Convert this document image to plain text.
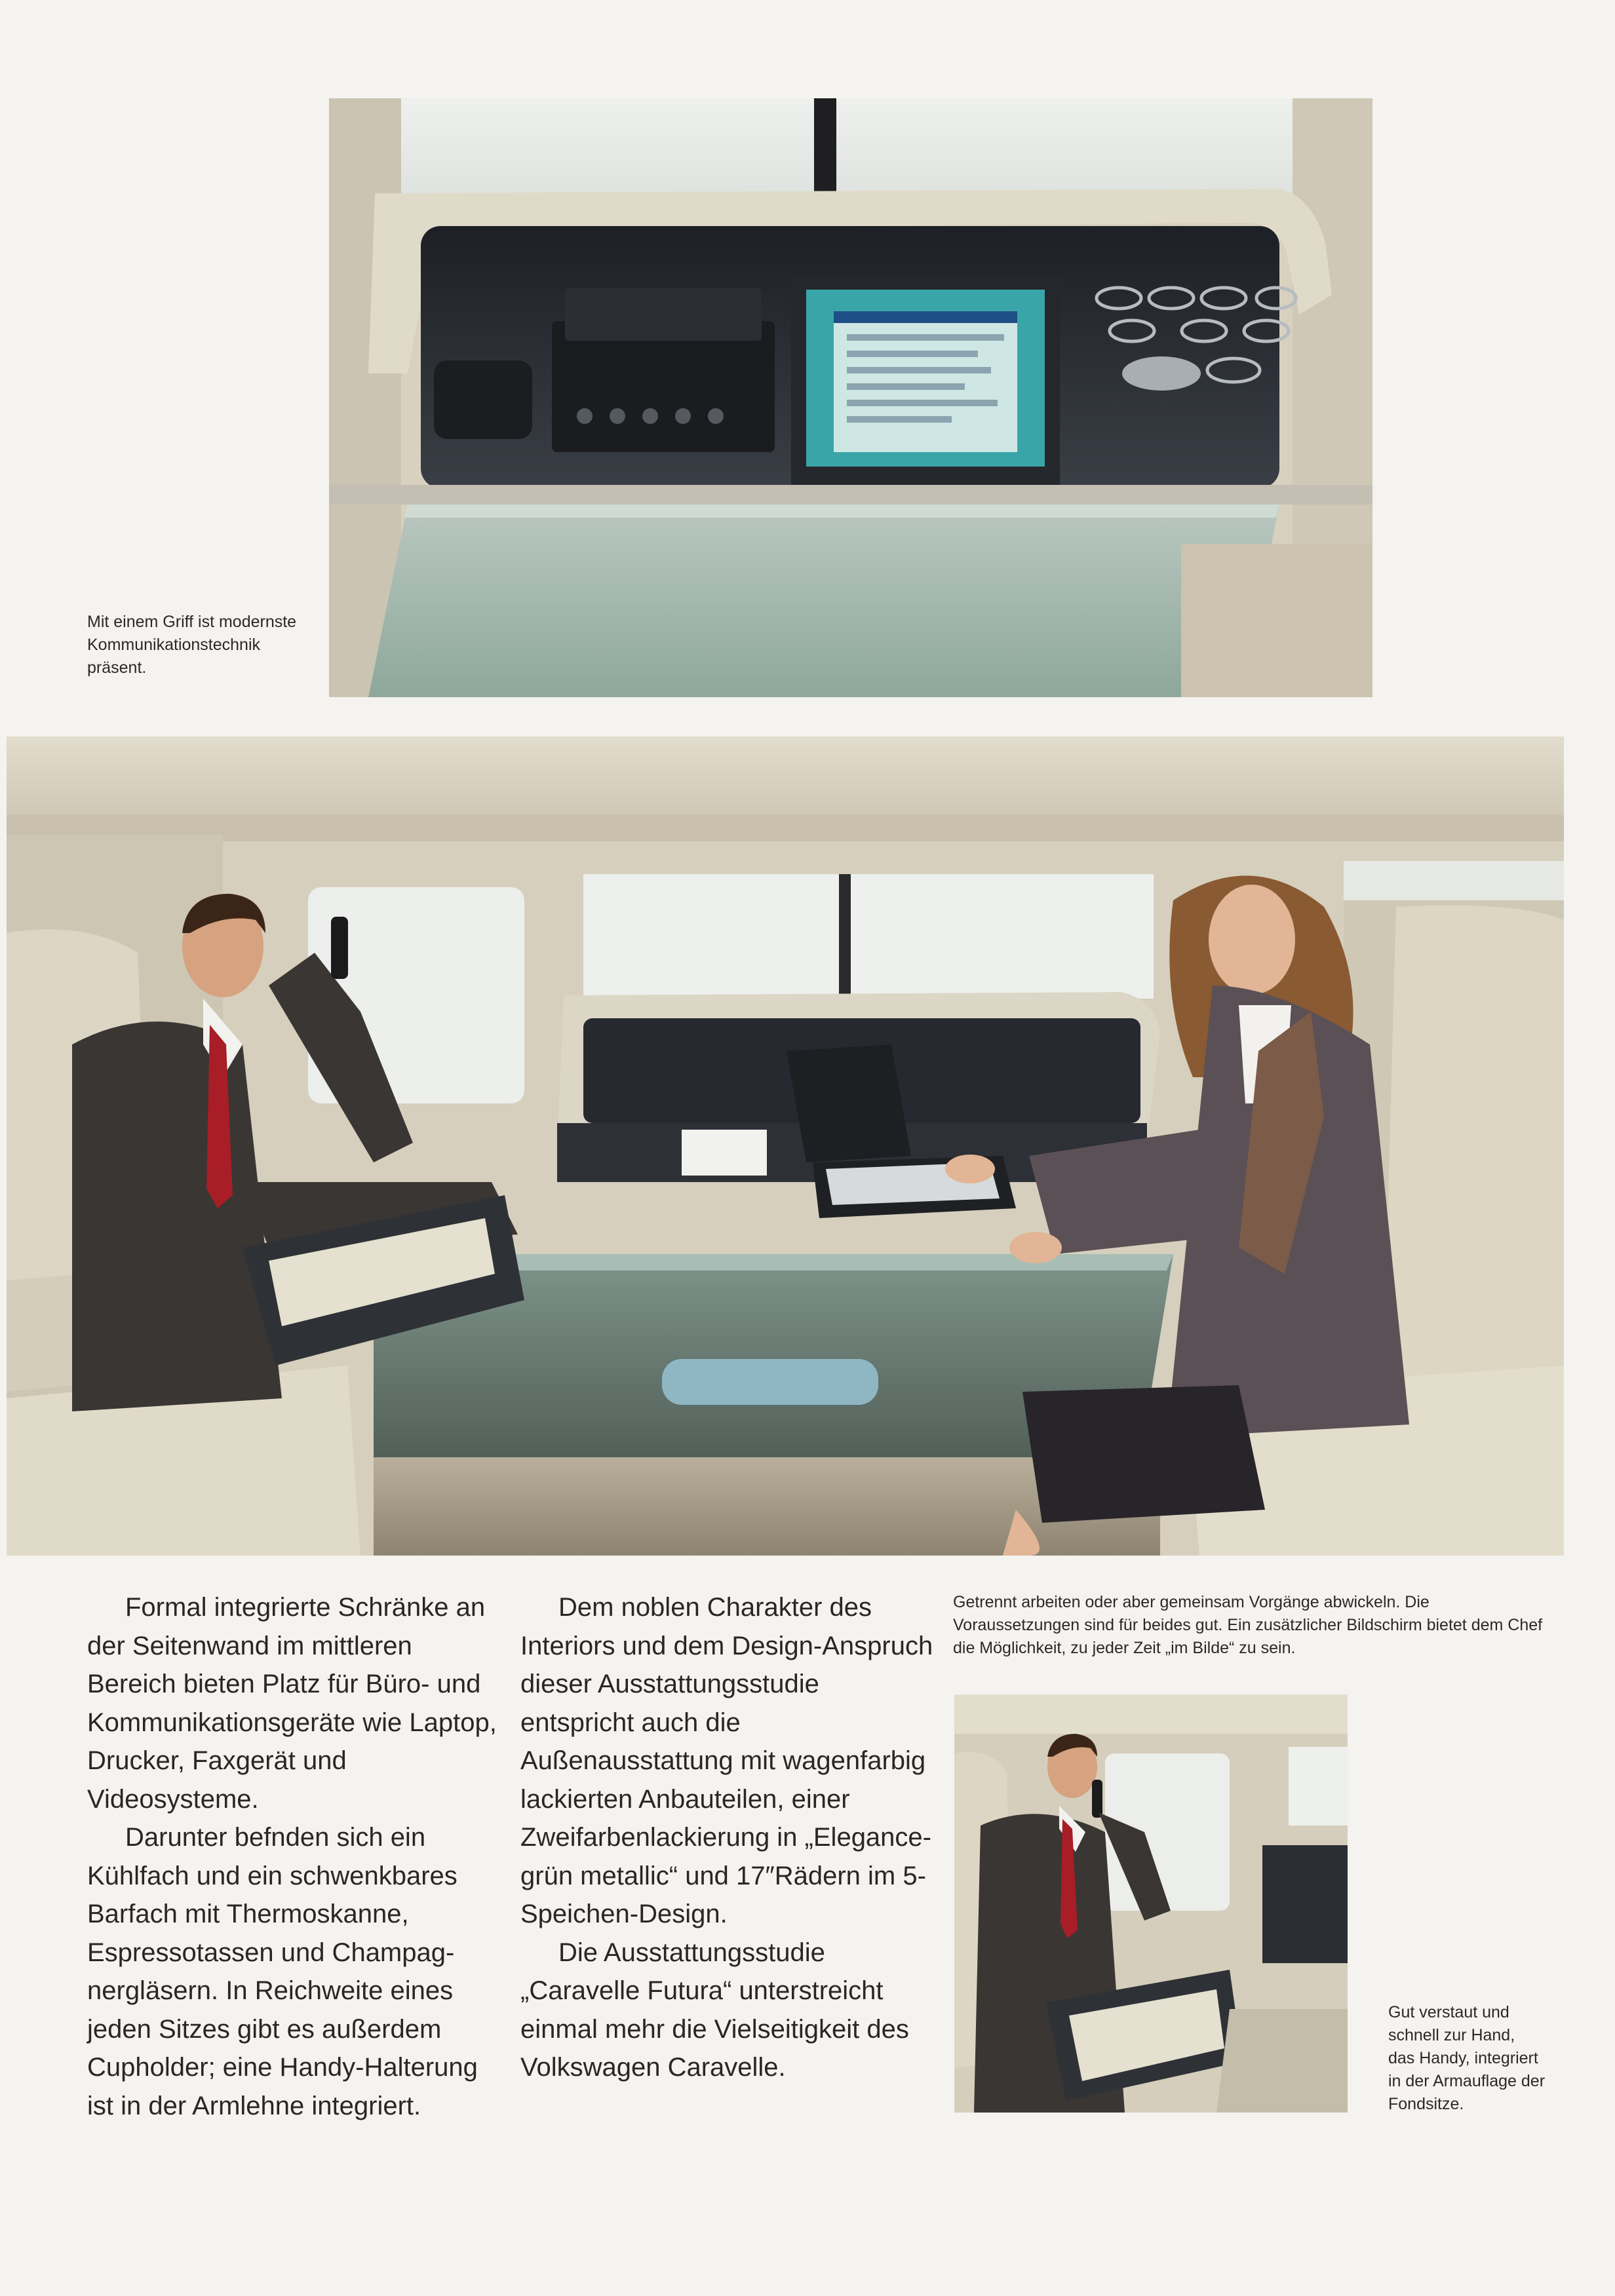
Mit einem Griff ist modernste Kommunikationstechnik präsent.

Formal integrierte Schränke an der Seitenwand im mittleren Bereich bieten Platz für Büro- und Kommunikationsgeräte wie Laptop, Drucker, Faxgerät und Videosysteme.

Darunter befnden sich ein Kühlfach und ein schwenkbares Barfach mit Thermoskanne, Espressotassen und Champagnergläsern. In Reichweite eines jeden Sitzes gibt es außerdem Cupholder; eine Handy-Halterung ist in der Armlehne integriert.

Dem noblen Charakter des Interiors und dem Design-Anspruch dieser Ausstattungsstudie entspricht auch die Außenausstattung mit wagenfarbig lackierten Anbauteilen, einer Zweifarbenlackierung in „Elegance-grün metallic“ und 17″Rädern im 5-Speichen-Design.

Die Ausstattungsstudie „Caravelle Futura“ unterstreicht einmal mehr die Vielseitigkeit des Volkswagen Caravelle.

Getrennt arbeiten oder aber gemeinsam Vorgänge abwickeln. Die Voraussetzungen sind für beides gut. Ein zusätzlicher Bildschirm bietet dem Chef die Möglichkeit, zu jeder Zeit „im Bilde“ zu sein.

Gut verstaut und schnell zur Hand, das Handy, integriert in der Armauflage der Fondsitze.
